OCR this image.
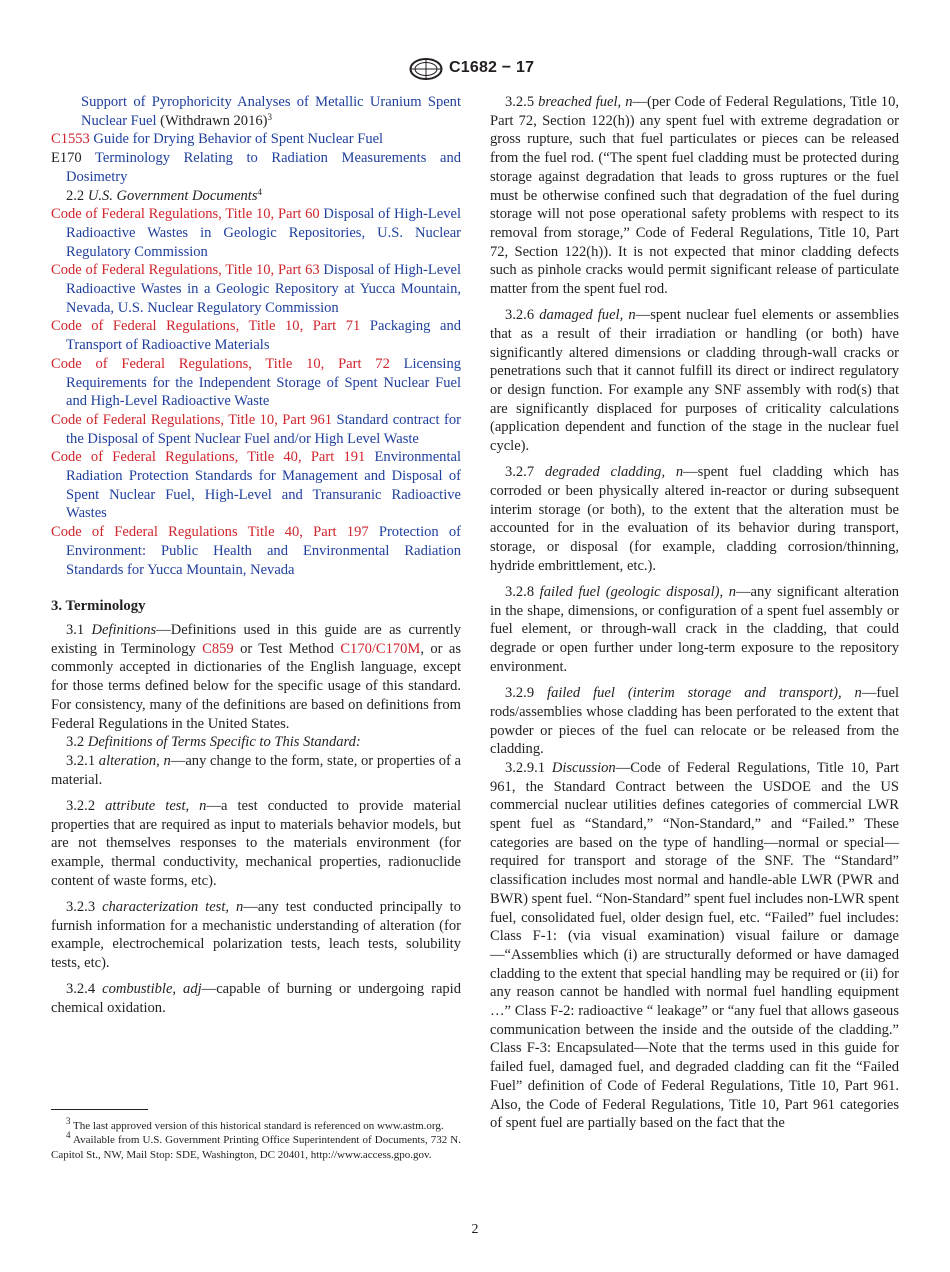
C1682 − 17

Support of Pyrophoricity Analyses of Metallic Uranium Spent Nuclear Fuel (Withdrawn 2016)$^3$

C1553 Guide for Drying Behavior of Spent Nuclear Fuel

E170 Terminology Relating to Radiation Measurements and Dosimetry

2.2 U.S. Government Documents$^4$

Code of Federal Regulations, Title 10, Part 60 Disposal of High-Level Radioactive Wastes in Geologic Repositories, U.S. Nuclear Regulatory Commission

Code of Federal Regulations, Title 10, Part 63 Disposal of High-Level Radioactive Wastes in a Geologic Repository at Yucca Mountain, Nevada, U.S. Nuclear Regulatory Commission

Code of Federal Regulations, Title 10, Part 71 Packaging and Transport of Radioactive Materials

Code of Federal Regulations, Title 10, Part 72 Licensing Requirements for the Independent Storage of Spent Nuclear Fuel and High-Level Radioactive Waste

Code of Federal Regulations, Title 10, Part 961 Standard contract for the Disposal of Spent Nuclear Fuel and/or High Level Waste

Code of Federal Regulations, Title 40, Part 191 Environmental Radiation Protection Standards for Management and Disposal of Spent Nuclear Fuel, High-Level and Transuranic Radioactive Wastes

Code of Federal Regulations Title 40, Part 197 Protection of Environment: Public Health and Environmental Radiation Standards for Yucca Mountain, Nevada

3. Terminology

3.1 Definitions—Definitions used in this guide are as currently existing in Terminology C859 or Test Method C170/C170M, or as commonly accepted in dictionaries of the English language, except for those terms defined below for the specific usage of this standard. For consistency, many of the definitions are based on definitions from Federal Regulations in the United States.

3.2 Definitions of Terms Specific to This Standard:

3.2.1 alteration, n—any change to the form, state, or properties of a material.

3.2.2 attribute test, n—a test conducted to provide material properties that are required as input to materials behavior models, but are not themselves responses to the materials environment (for example, thermal conductivity, mechanical properties, radionuclide content of waste forms, etc).

3.2.3 characterization test, n—any test conducted principally to furnish information for a mechanistic understanding of alteration (for example, electrochemical polarization tests, leach tests, solubility tests, etc).

3.2.4 combustible, adj—capable of burning or undergoing rapid chemical oxidation.

3.2.5 breached fuel, n—(per Code of Federal Regulations, Title 10, Part 72, Section 122(h)) any spent fuel with extreme degradation or gross rupture, such that fuel particulates or pieces can be released from the fuel rod. (“The spent fuel cladding must be protected during storage against degradation that leads to gross ruptures or the fuel must be otherwise confined such that degradation of the fuel during storage will not pose operational safety problems with respect to its removal from storage,” Code of Federal Regulations, Title 10, Part 72, Section 122(h)). It is not expected that minor cladding defects such as pinhole cracks would permit significant release of particulate matter from the spent fuel rod.

3.2.6 damaged fuel, n—spent nuclear fuel elements or assemblies that as a result of their irradiation or handling (or both) have significantly altered dimensions or cladding through-wall cracks or penetrations such that it cannot fulfill its direct or indirect regulatory or design function. For example any SNF assembly with rod(s) that are significantly displaced for purposes of criticality calculations (application dependent and function of the stage in the nuclear fuel cycle).

3.2.7 degraded cladding, n—spent fuel cladding which has corroded or been physically altered in-reactor or during subsequent interim storage (or both), to the extent that the alteration must be accounted for in the evaluation of its behavior during transport, storage, or disposal (for example, cladding corrosion/thinning, hydride embrittlement, etc.).

3.2.8 failed fuel (geologic disposal), n—any significant alteration in the shape, dimensions, or configuration of a spent fuel assembly or fuel element, or through-wall crack in the cladding, that could degrade or open further under long-term exposure to the repository environment.

3.2.9 failed fuel (interim storage and transport), n—fuel rods/assemblies whose cladding has been perforated to the extent that powder or pieces of the fuel can relocate or be released from the cladding.

3.2.9.1 Discussion—Code of Federal Regulations, Title 10, Part 961, the Standard Contract between the USDOE and the US commercial nuclear utilities defines categories of commercial LWR spent fuel as “Standard,” “Non-Standard,” and “Failed.” These categories are based on the type of handling—normal or special—required for transport and storage of the SNF. The “Standard” classification includes most normal and handle-able LWR (PWR and BWR) spent fuel. “Non-Standard” spent fuel includes non-LWR spent fuel, consolidated fuel, older design fuel, etc. “Failed” fuel includes: Class F-1: (via visual examination) visual failure or damage—“Assemblies which (i) are structurally deformed or have damaged cladding to the extent that special handling may be required or (ii) for any reason cannot be handled with normal fuel handling equipment …” Class F-2: radioactive “ leakage” or “any fuel that allows gaseous communication between the inside and the outside of the cladding.” Class F-3: Encapsulated—Note that the terms used in this guide for failed fuel, damaged fuel, and degraded cladding can fit the “Failed Fuel” definition of Code of Federal Regulations, Title 10, Part 961. Also, the Code of Federal Regulations, Title 10, Part 961 categories of spent fuel are partially based on the fact that the

$^3$ The last approved version of this historical standard is referenced on www.astm.org.

$^4$ Available from U.S. Government Printing Office Superintendent of Documents, 732 N. Capitol St., NW, Mail Stop: SDE, Washington, DC 20401, http://www.access.gpo.gov.

2
